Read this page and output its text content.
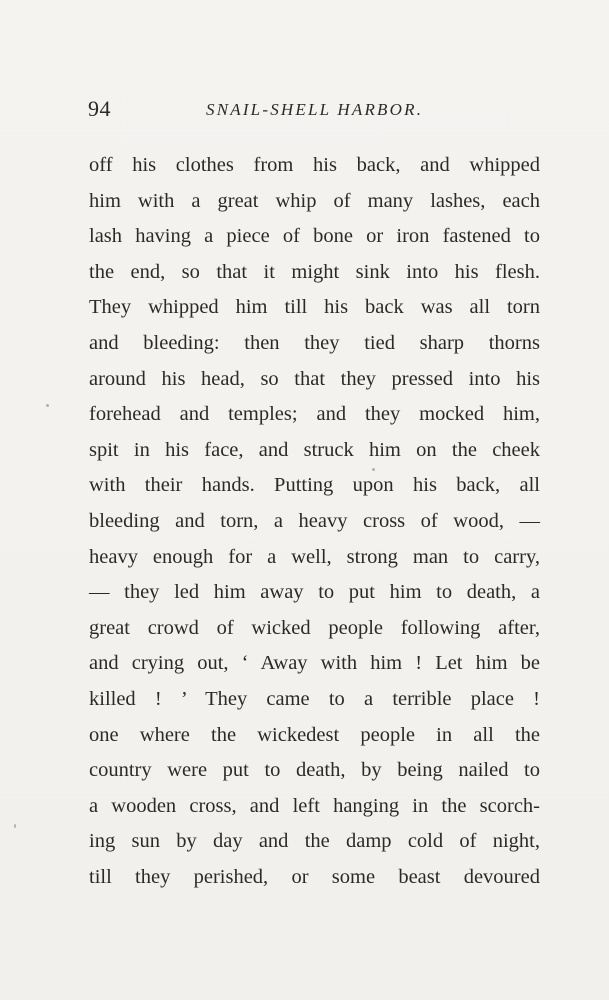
94	SNAIL-SHELL HARBOR.
off his clothes from his back, and whipped
him with a great whip of many lashes, each
lash having a piece of bone or iron fastened to
the end, so that it might sink into his flesh.
They whipped him till his back was all torn
and bleeding: then they tied sharp thorns
around his head, so that they pressed into his
forehead and temples; and they mocked him,
spit in his face, and struck him on the cheek
with their hands. Putting upon his back, all
bleeding and torn, a heavy cross of wood, —
heavy enough for a well, strong man to carry,
— they led him away to put him to death, a
great crowd of wicked people following after,
and crying out, ‘ Away with him ! Let him be
killed ! ’ They came to a terrible place !
one where the wickedest people in all the
country were put to death, by being nailed to
a wooden cross, and left hanging in the scorch-
ing sun by day and the damp cold of night,
till they perished, or some beast devoured
